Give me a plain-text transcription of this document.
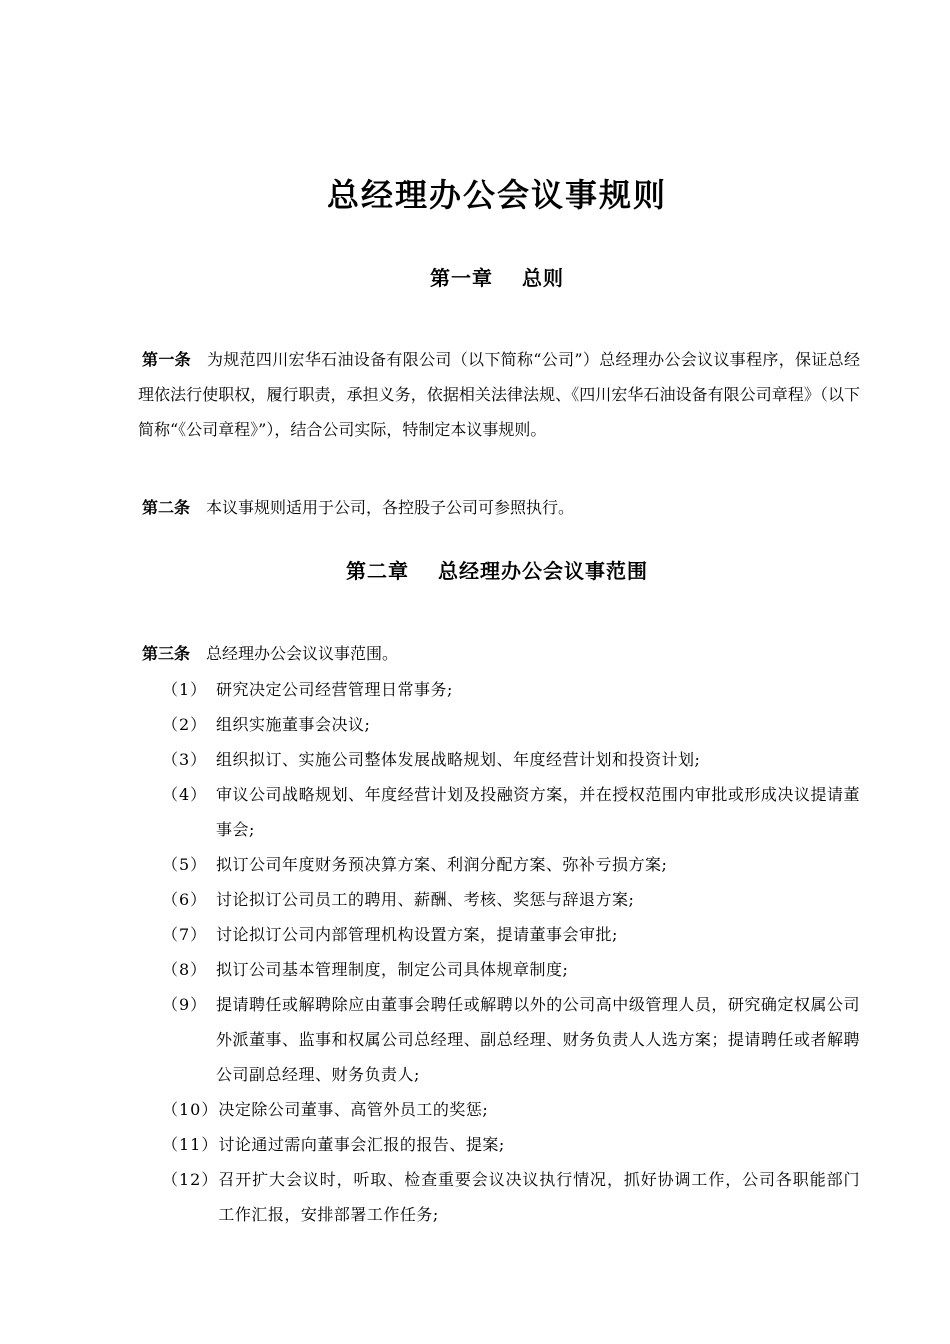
总经理办公会议事规则
第一章　 总则
第一条 为规范四川宏华石油设备有限公司（以下简称“公司”）总经理办公会议议事程序，保证总经理依法行使职权，履行职责，承担义务，依据相关法律法规、《四川宏华石油设备有限公司章程》（以下简称“《公司章程》”），结合公司实际，特制定本议事规则。
第二条 本议事规则适用于公司，各控股子公司可参照执行。
第二章　 总经理办公会议事范围
第三条 总经理办公会议议事范围。
（1） 研究决定公司经营管理日常事务;
（2） 组织实施董事会决议;
（3） 组织拟订、实施公司整体发展战略规划、年度经营计划和投资计划;
（4） 审议公司战略规划、年度经营计划及投融资方案，并在授权范围内审批或形成决议提请董事会;
（5） 拟订公司年度财务预决算方案、利润分配方案、弥补亏损方案;
（6） 讨论拟订公司员工的聘用、薪酬、考核、奖惩与辞退方案;
（7） 讨论拟订公司内部管理机构设置方案，提请董事会审批;
（8） 拟订公司基本管理制度，制定公司具体规章制度;
（9） 提请聘任或解聘除应由董事会聘任或解聘以外的公司高中级管理人员，研究确定权属公司外派董事、监事和权属公司总经理、副总经理、财务负责人人选方案；提请聘任或者解聘公司副总经理、财务负责人;
（10） 决定除公司董事、高管外员工的奖惩;
（11） 讨论通过需向董事会汇报的报告、提案;
（12） 召开扩大会议时，听取、检查重要会议决议执行情况，抓好协调工作，公司各职能部门工作汇报，安排部署工作任务;
